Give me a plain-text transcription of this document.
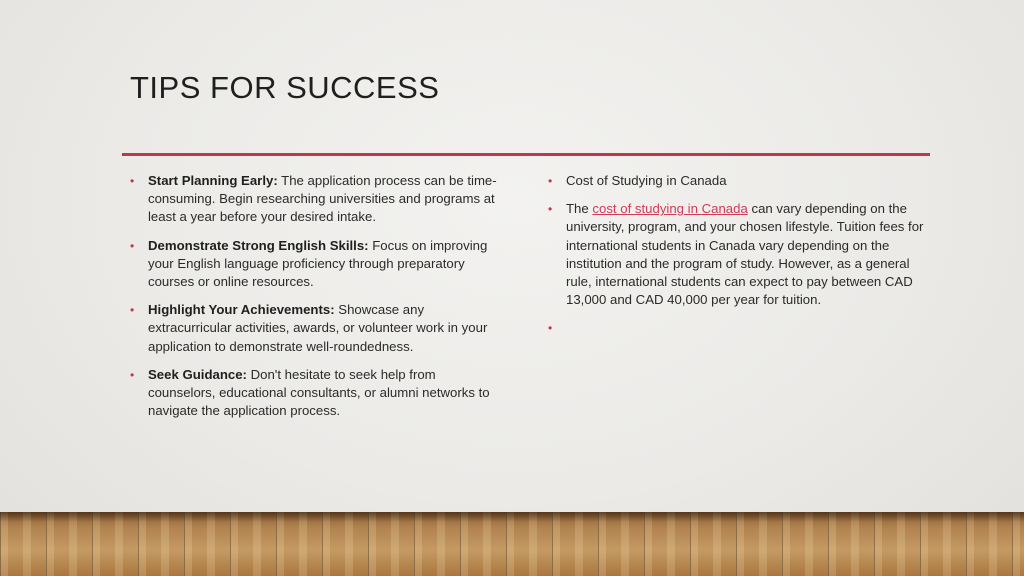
TIPS FOR SUCCESS
• Start Planning Early: The application process can be time-consuming. Begin researching universities and programs at least a year before your desired intake.
• Demonstrate Strong English Skills: Focus on improving your English language proficiency through preparatory courses or online resources.
• Highlight Your Achievements: Showcase any extracurricular activities, awards, or volunteer work in your application to demonstrate well-roundedness.
• Seek Guidance: Don't hesitate to seek help from counselors, educational consultants, or alumni networks to navigate the application process.
• Cost of Studying in Canada
• The cost of studying in Canada can vary depending on the university, program, and your chosen lifestyle. Tuition fees for international students in Canada vary depending on the institution and the program of study. However, as a general rule, international students can expect to pay between CAD 13,000 and CAD 40,000 per year for tuition.
•
